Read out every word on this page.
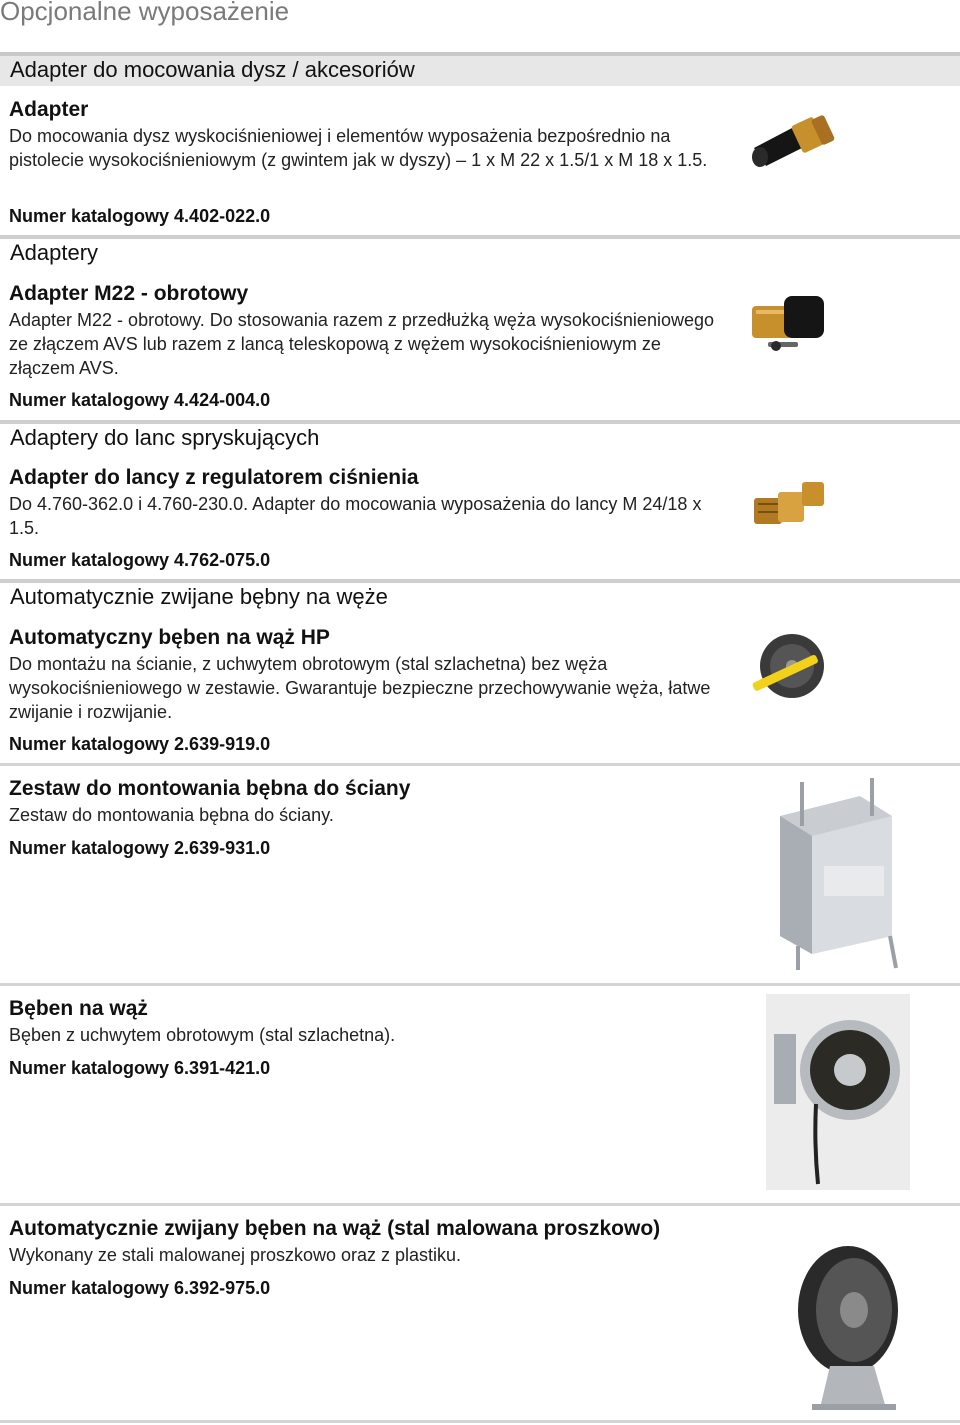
Opcjonalne wyposażenie
Adapter do mocowania dysz / akcesoriów
Adapter
Do mocowania dysz wyskociśnieniowej i elementów wyposażenia bezpośrednio na pistolecie wysokociśnieniowym (z gwintem jak w dyszy) – 1 x M 22 x 1.5/1 x M 18 x 1.5.
Numer katalogowy 4.402-022.0
Adaptery
Adapter M22 - obrotowy
Adapter M22 - obrotowy. Do stosowania razem z przedłużką węża wysokociśnieniowego ze złączem AVS lub razem z lancą teleskopową z wężem wysokociśnieniowym ze złączem AVS.
Numer katalogowy 4.424-004.0
Adaptery do lanc spryskujących
Adapter do lancy z regulatorem ciśnienia
Do 4.760-362.0 i 4.760-230.0. Adapter do mocowania wyposażenia do lancy M 24/18 x 1.5.
Numer katalogowy 4.762-075.0
Automatycznie zwijane bębny na węże
Automatyczny bęben na wąż HP
Do montażu na ścianie, z uchwytem obrotowym (stal szlachetna) bez węża wysokociśnieniowego w zestawie. Gwarantuje bezpieczne przechowywanie węża, łatwe zwijanie i rozwijanie.
Numer katalogowy 2.639-919.0
Zestaw do montowania bębna do ściany
Zestaw do montowania bębna do ściany.
Numer katalogowy 2.639-931.0
Bęben na wąż
Bęben z uchwytem obrotowym (stal szlachetna).
Numer katalogowy 6.391-421.0
Automatycznie zwijany bęben na wąż (stal malowana proszkowo)
Wykonany ze stali malowanej proszkowo oraz z plastiku.
Numer katalogowy 6.392-975.0
